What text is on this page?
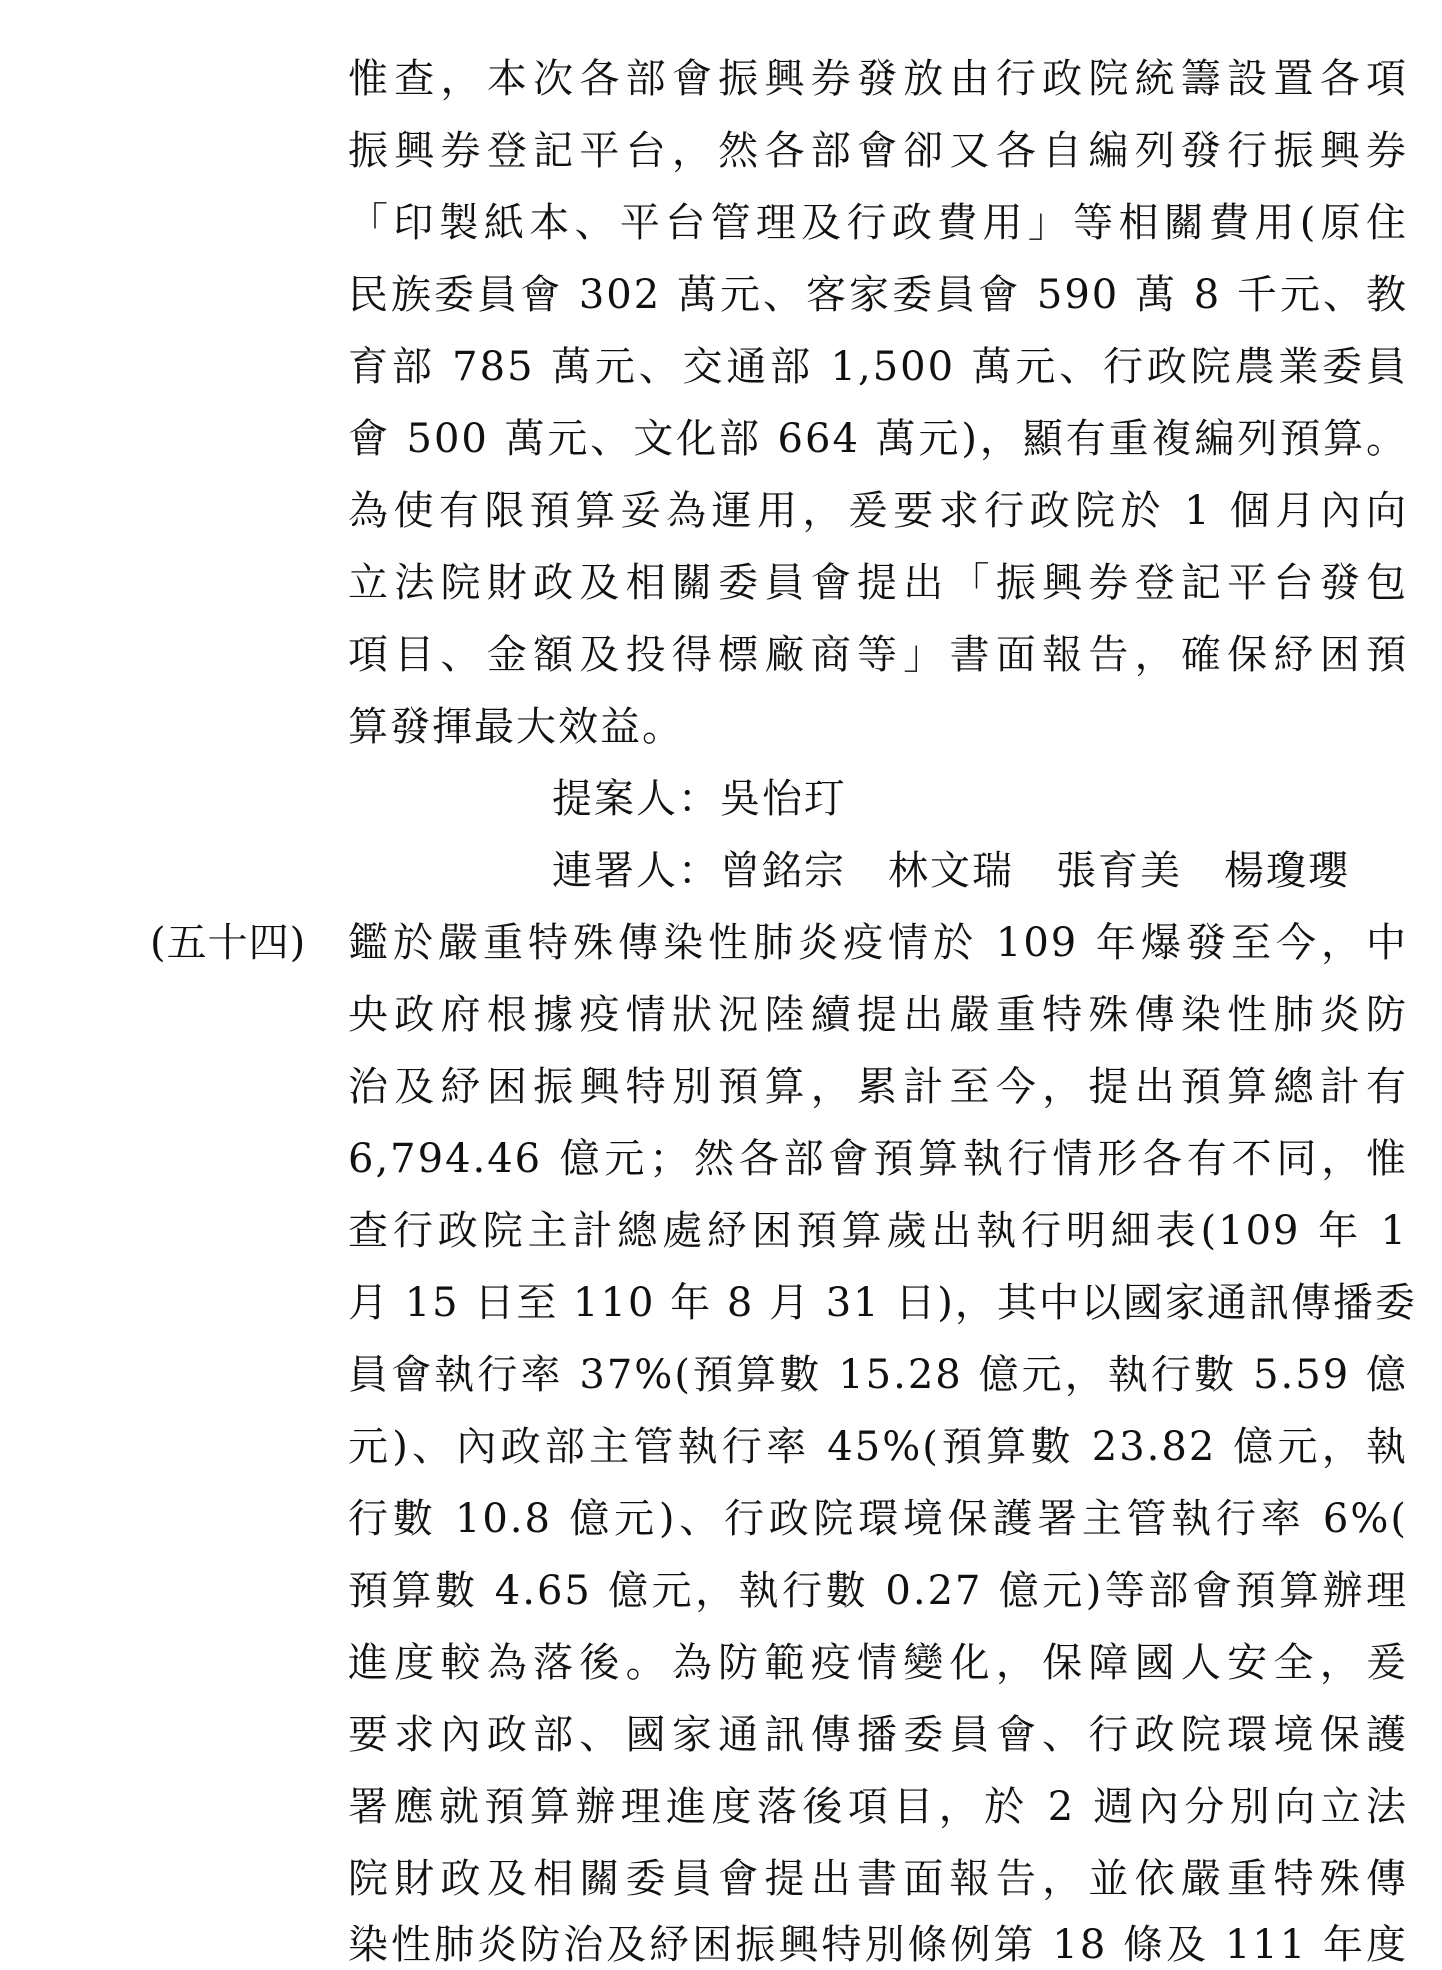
惟查，本次各部會振興券發放由行政院統籌設置各項
振興券登記平台，然各部會卻又各自編列發行振興券
「印製紙本、平台管理及行政費用」等相關費用(原住
民族委員會 302 萬元、客家委員會 590 萬 8 千元、教
育部 785 萬元、交通部 1,500 萬元、行政院農業委員
會 500 萬元、文化部 664 萬元)，顯有重複編列預算。
為使有限預算妥為運用，爰要求行政院於 1 個月內向
立法院財政及相關委員會提出「振興券登記平台發包
項目、金額及投得標廠商等」書面報告，確保紓困預
算發揮最大效益。
提案人：吳怡玎
連署人：曾銘宗　林文瑞　張育美　楊瓊瓔
(五十四) 鑑於嚴重特殊傳染性肺炎疫情於 109 年爆發至今，中
央政府根據疫情狀況陸續提出嚴重特殊傳染性肺炎防
治及紓困振興特別預算，累計至今，提出預算總計有
6,794.46 億元；然各部會預算執行情形各有不同，惟
查行政院主計總處紓困預算歲出執行明細表(109 年 1
月 15 日至 110 年 8 月 31 日)，其中以國家通訊傳播委
員會執行率 37%(預算數 15.28 億元，執行數 5.59 億
元)、內政部主管執行率 45%(預算數 23.82 億元，執
行數 10.8 億元)、行政院環境保護署主管執行率 6%(
預算數 4.65 億元，執行數 0.27 億元)等部會預算辦理
進度較為落後。為防範疫情變化，保障國人安全，爰
要求內政部、國家通訊傳播委員會、行政院環境保護
署應就預算辦理進度落後項目，於 2 週內分別向立法
院財政及相關委員會提出書面報告，並依嚴重特殊傳
染性肺炎防治及紓困振興特別條例第 18 條及 111 年度
